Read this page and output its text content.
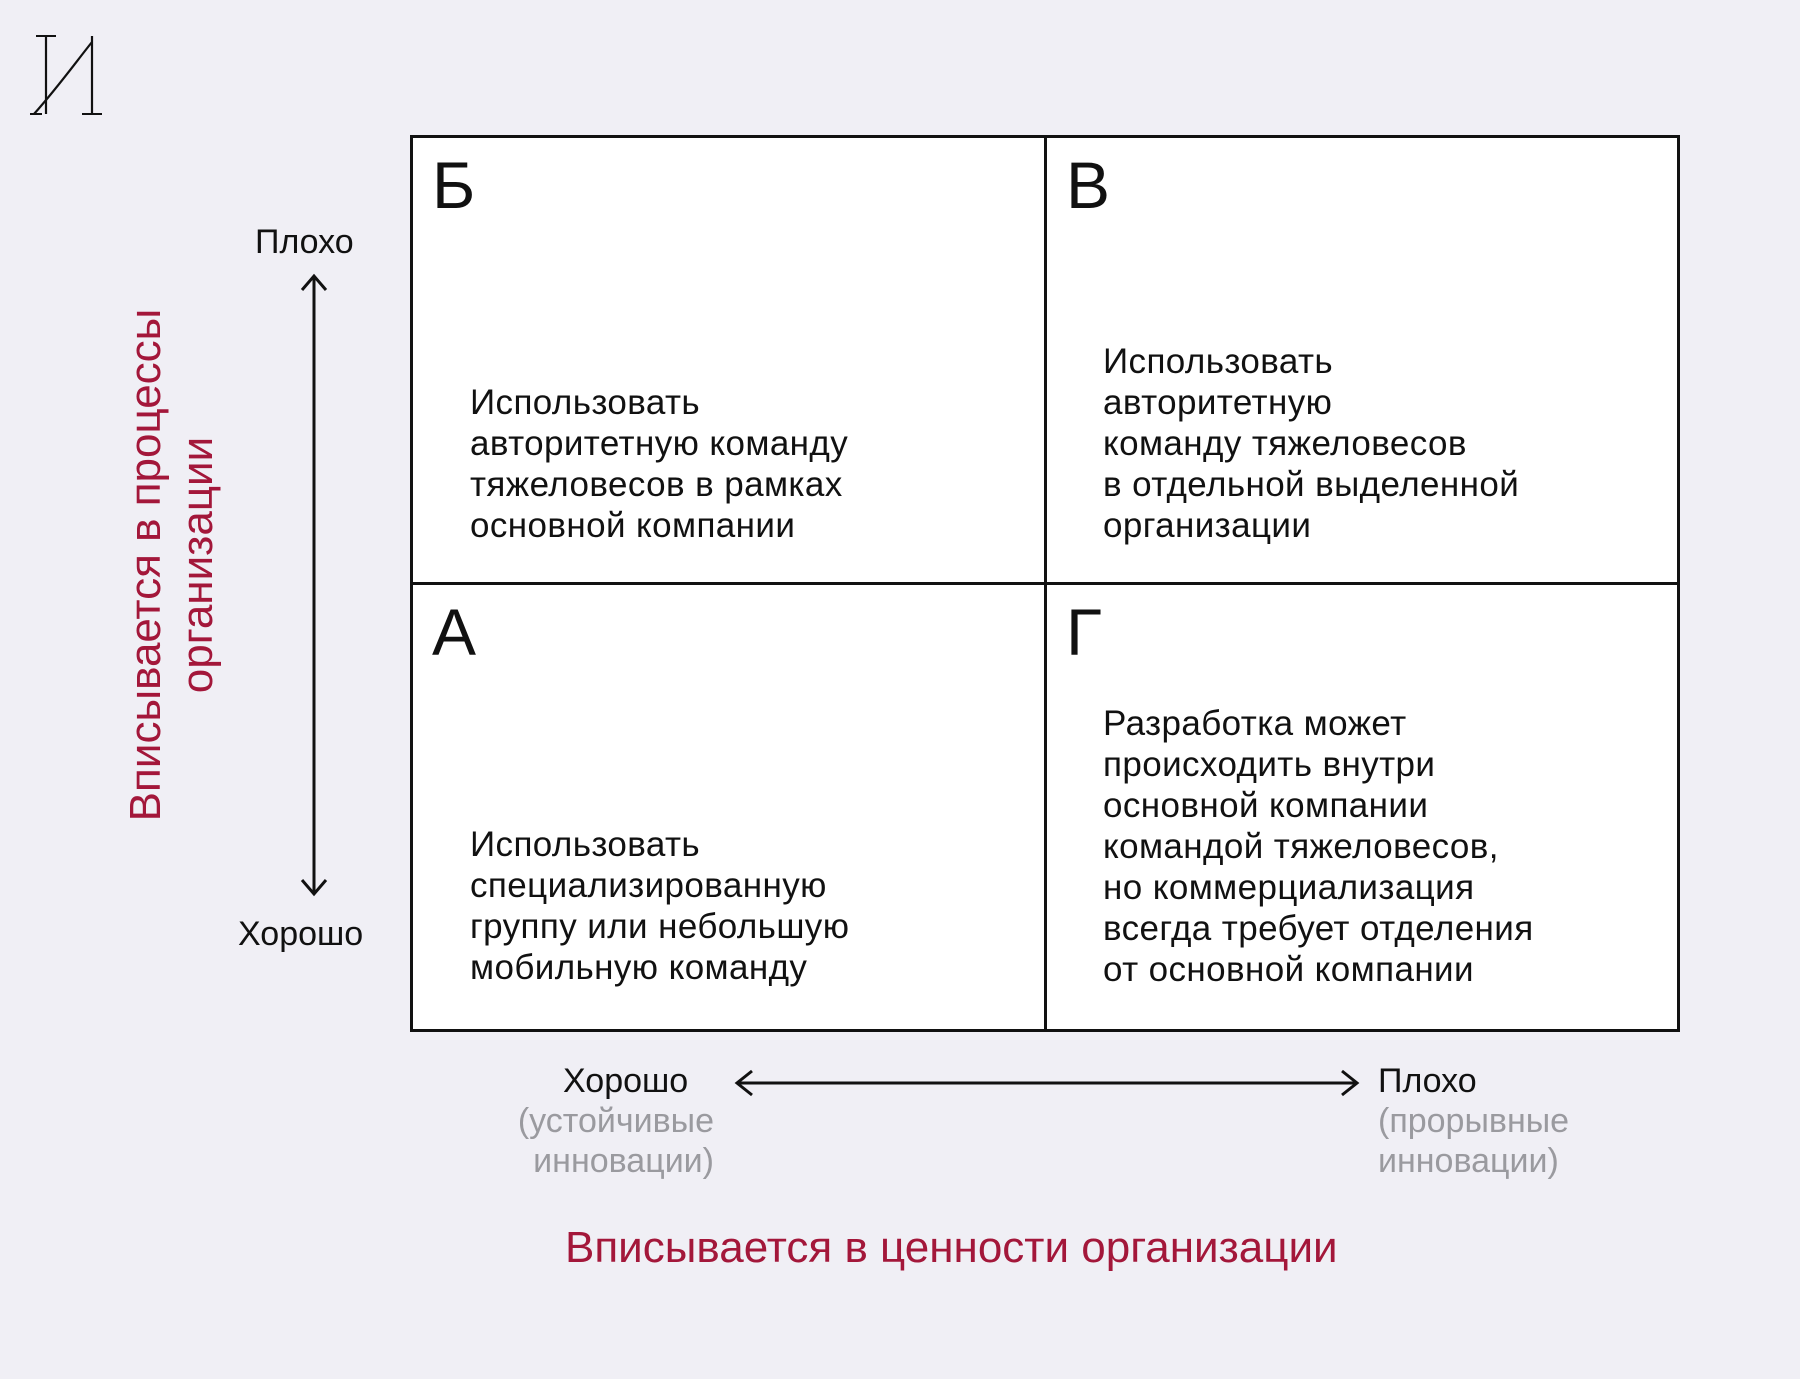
Вписывается в процессы организации
Плохо
Хорошо
Б
Использовать
авторитетную команду
тяжеловесов в рамках
основной компании
В
Использовать
авторитетную
команду тяжеловесов
в отдельной выделенной
организации
А
Использовать
специализированную
группу или небольшую
мобильную команду
Г
Разработка может
происходить внутри
основной компании
командой тяжеловесов,
но коммерциализация
всегда требует отделения
от основной компании
Хорошо
(устойчивые
инновации)
Плохо
(прорывные
инновации)
Вписывается в ценности организации
